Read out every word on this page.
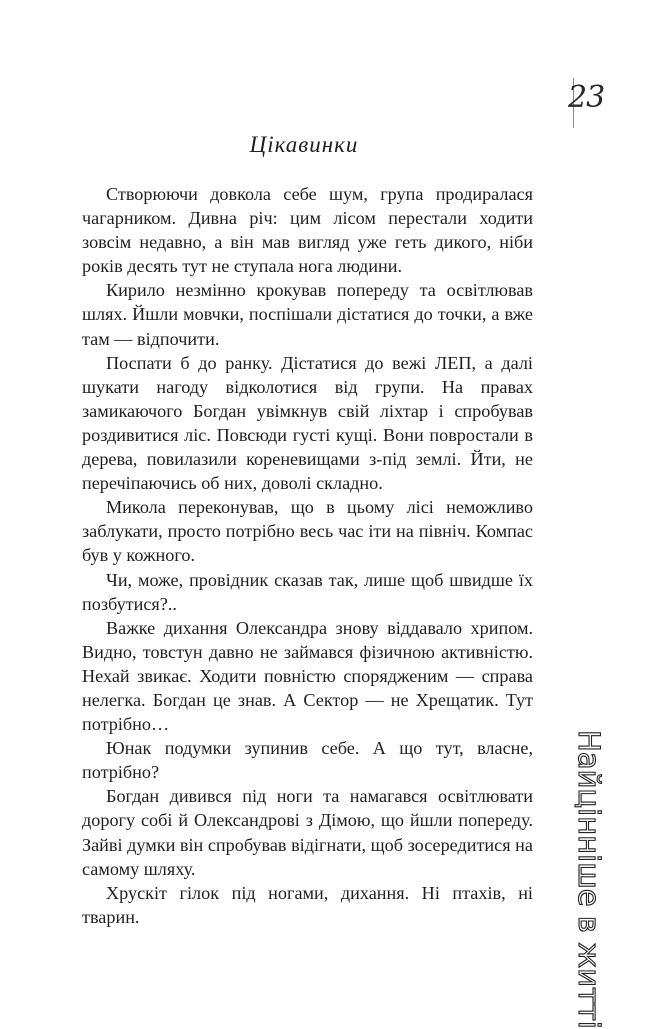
23
Цікавинки

Створюючи довкола себе шум, група продиралася чагарником. Дивна річ: цим лісом перестали ходити зовсім недавно, а він мав вигляд уже геть дикого, ніби років десять тут не ступала нога людини.

Кирило незмінно крокував попереду та освітлював шлях. Йшли мовчки, поспішали дістатися до точки, а вже там — відпочити.

Поспати б до ранку. Дістатися до вежі ЛЕП, а далі шукати нагоду відколотися від групи. На правах замикаючого Богдан увімкнув свій ліхтар і спробував роздивитися ліс. Повсюди густі кущі. Вони повростали в дерева, повилазили кореневищами з-під землі. Йти, не перечіпаючись об них, доволі складно.

Микола переконував, що в цьому лісі неможливо заблукати, просто потрібно весь час іти на північ. Компас був у кожного.

Чи, може, провідник сказав так, лише щоб швидше їх позбутися?..

Важке дихання Олександра знову віддавало хрипом. Видно, товстун давно не займався фізичною активністю. Нехай звикає. Ходити повністю спорядженим — справа нелегка. Богдан це знав. А Сектор — не Хрещатик. Тут потрібно…

Юнак подумки зупинив себе. А що тут, власне, потрібно?

Богдан дивився під ноги та намагався освітлювати дорогу собі й Олександрові з Дімою, що йшли попереду. Зайві думки він спробував відігнати, щоб зосередитися на самому шляху.

Хрускіт гілок під ногами, дихання. Ні птахів, ні тварин.	Найцінніше в житті
